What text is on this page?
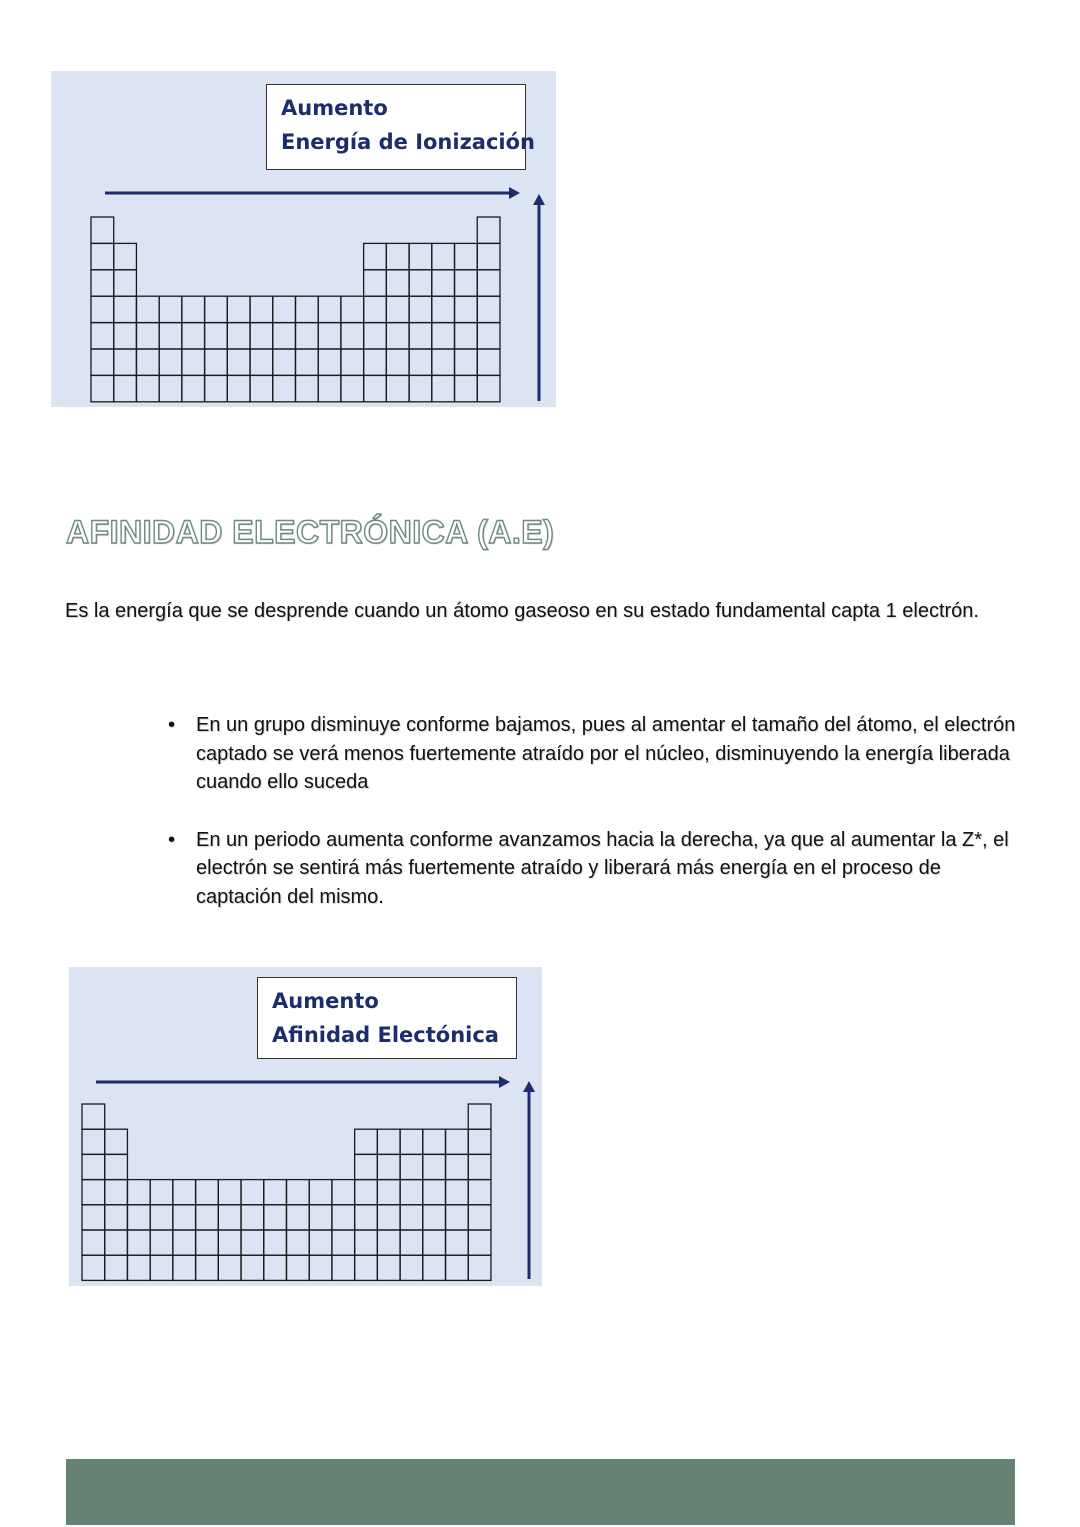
Aumento
Energía de Ionización
AFINIDAD ELECTRÓNICA (A.E)

Es la energía que se desprende cuando un átomo gaseoso en su estado fundamental capta 1 electrón.

• En un grupo disminuye conforme bajamos, pues al amentar el tamaño del átomo, el electrón captado se verá menos fuertemente atraído por el núcleo, disminuyendo la energía liberada cuando ello suceda
• En un periodo aumenta conforme avanzamos hacia la derecha, ya que al aumentar la Z*, el electrón se sentirá más fuertemente atraído y liberará más energía en el proceso de captación del mismo.
Aumento
Afinidad Electónica
